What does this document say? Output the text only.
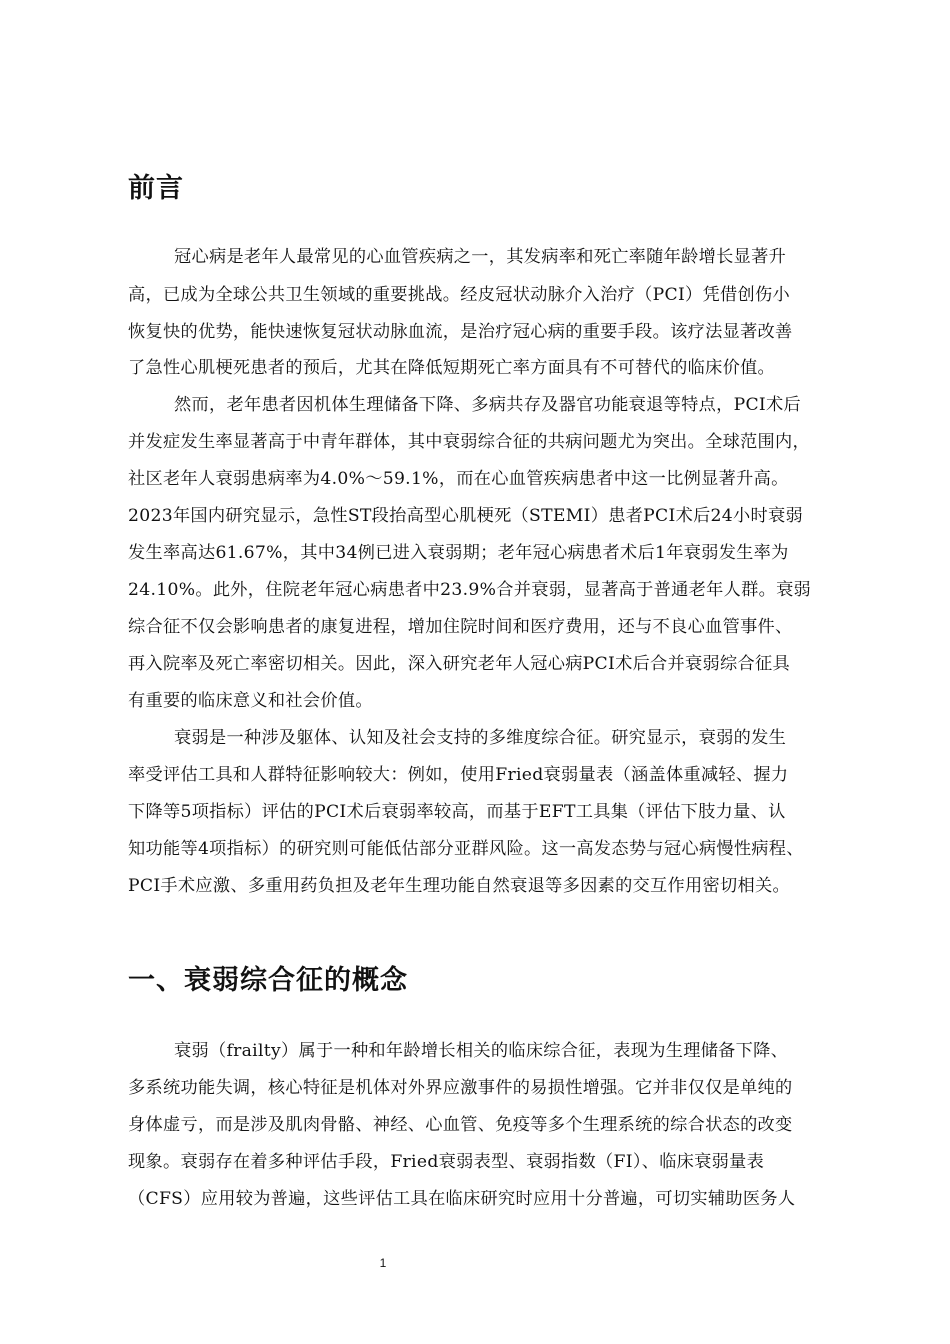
前言
冠心病是老年人最常见的心血管疾病之一，其发病率和死亡率随年龄增长显著升
高，已成为全球公共卫生领域的重要挑战。经皮冠状动脉介入治疗（PCI）凭借创伤小
恢复快的优势，能快速恢复冠状动脉血流，是治疗冠心病的重要手段。该疗法显著改善
了急性心肌梗死患者的预后，尤其在降低短期死亡率方面具有不可替代的临床价值。
然而，老年患者因机体生理储备下降、多病共存及器官功能衰退等特点，PCI术后
并发症发生率显著高于中青年群体，其中衰弱综合征的共病问题尤为突出。全球范围内，
社区老年人衰弱患病率为4.0%～59.1%，而在心血管疾病患者中这一比例显著升高。
2023年国内研究显示，急性ST段抬高型心肌梗死（STEMI）患者PCI术后24小时衰弱
发生率高达61.67%，其中34例已进入衰弱期；老年冠心病患者术后1年衰弱发生率为
24.10%。此外，住院老年冠心病患者中23.9%合并衰弱，显著高于普通老年人群。衰弱
综合征不仅会影响患者的康复进程，增加住院时间和医疗费用，还与不良心血管事件、
再入院率及死亡率密切相关。因此，深入研究老年人冠心病PCI术后合并衰弱综合征具
有重要的临床意义和社会价值。
衰弱是一种涉及躯体、认知及社会支持的多维度综合征。研究显示，衰弱的发生
率受评估工具和人群特征影响较大：例如，使用Fried衰弱量表（涵盖体重减轻、握力
下降等5项指标）评估的PCI术后衰弱率较高，而基于EFT工具集（评估下肢力量、认
知功能等4项指标）的研究则可能低估部分亚群风险。这一高发态势与冠心病慢性病程、
PCI手术应激、多重用药负担及老年生理功能自然衰退等多因素的交互作用密切相关。
一、衰弱综合征的概念
衰弱（frailty）属于一种和年龄增长相关的临床综合征，表现为生理储备下降、
多系统功能失调，核心特征是机体对外界应激事件的易损性增强。它并非仅仅是单纯的
身体虚亏，而是涉及肌肉骨骼、神经、心血管、免疫等多个生理系统的综合状态的改变
现象。衰弱存在着多种评估手段，Fried衰弱表型、衰弱指数（FI）、临床衰弱量表
（CFS）应用较为普遍，这些评估工具在临床研究时应用十分普遍，可切实辅助医务人
1
